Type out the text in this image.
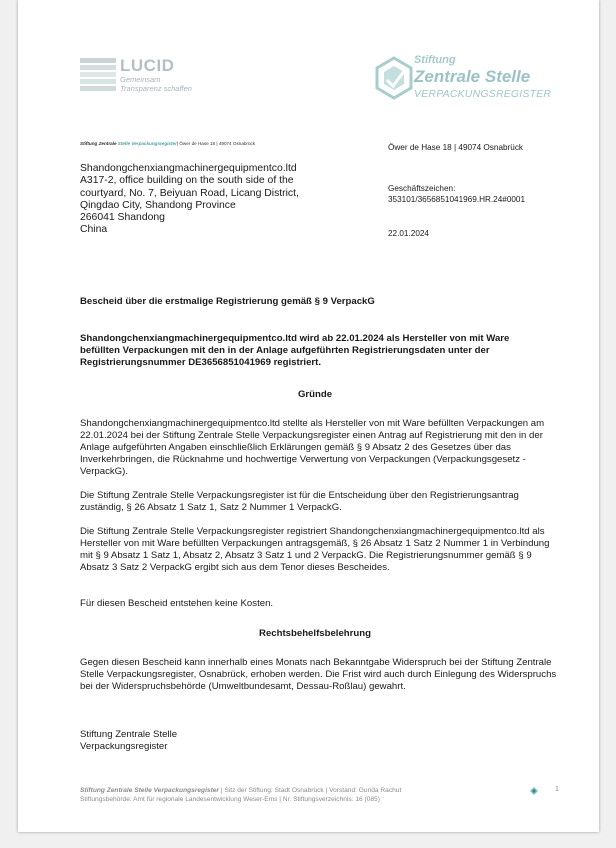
LUCID
Gemeinsam
Transparenz schaffen
Stiftung
Zentrale Stelle
VERPACKUNGSREGISTER
Stiftung Zentrale Stelle Verpackungsregister| Öwer de Hase 18 | 49074 Osnabrück
Shandongchenxiangmachinergequipmentco.ltd
A317-2, office building on the south side of the
courtyard, No. 7, Beiyuan Road, Licang District,
Qingdao City, Shandong Province
266041 Shandong
China
Öwer de Hase 18 | 49074 Osnabrück
Geschäftszeichen:
353101/3656851041969.HR.24#0001
22.01.2024
Bescheid über die erstmalige Registrierung gemäß § 9 VerpackG
Shandongchenxiangmachinergequipmentco.ltd wird ab 22.01.2024 als Hersteller von mit Ware befüllten Verpackungen mit den in der Anlage aufgeführten Registrierungsdaten unter der Registrierungsnummer DE3656851041969 registriert.
Gründe
Shandongchenxiangmachinergequipmentco.ltd stellte als Hersteller von mit Ware befüllten Verpackungen am 22.01.2024 bei der Stiftung Zentrale Stelle Verpackungsregister einen Antrag auf Registrierung mit den in der Anlage aufgeführten Angaben einschließlich Erklärungen gemäß § 9 Absatz 2 des Gesetzes über das Inverkehrbringen, die Rücknahme und hochwertige Verwertung von Verpackungen (Verpackungsgesetz - VerpackG).
Die Stiftung Zentrale Stelle Verpackungsregister ist für die Entscheidung über den Registrierungsantrag zuständig, § 26 Absatz 1 Satz 1, Satz 2 Nummer 1 VerpackG.
Die Stiftung Zentrale Stelle Verpackungsregister registriert Shandongchenxiangmachinergequipmentco.ltd als Hersteller von mit Ware befüllten Verpackungen antragsgemäß, § 26 Absatz 1 Satz 2 Nummer 1 in Verbindung mit § 9 Absatz 1 Satz 1, Absatz 2, Absatz 3 Satz 1 und 2 VerpackG. Die Registrierungsnummer gemäß § 9 Absatz 3 Satz 2 VerpackG ergibt sich aus dem Tenor dieses Bescheides.
Für diesen Bescheid entstehen keine Kosten.
Rechtsbehelfsbelehrung
Gegen diesen Bescheid kann innerhalb eines Monats nach Bekanntgabe Widerspruch bei der Stiftung Zentrale Stelle Verpackungsregister, Osnabrück, erhoben werden. Die Frist wird auch durch Einlegung des Widerspruchs bei der Widerspruchsbehörde (Umweltbundesamt, Dessau-Roßlau) gewahrt.
Stiftung Zentrale Stelle
Verpackungsregister
Stiftung Zentrale Stelle Verpackungsregister | Sitz der Stiftung: Stadt Osnabrück | Vorstand: Gunda Rachut
Stiftungsbehörde: Amt für regionale Landesentwicklung Weser-Ems | Nr. Stiftungsverzeichnis: 16 (085)
1
